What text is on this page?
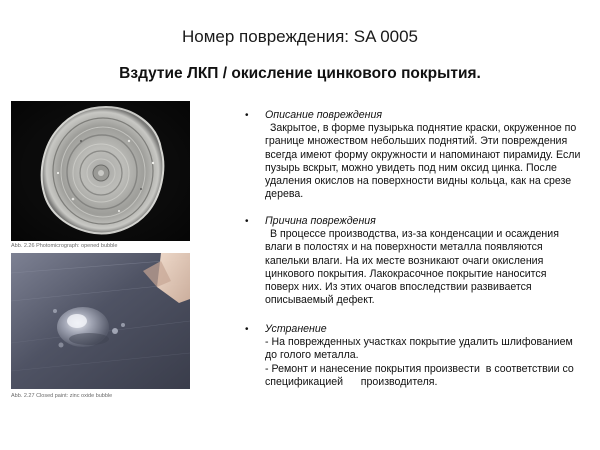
Номер повреждения: SA 0005
Вздутие ЛКП / окисление цинкового покрытия.
Abb. 2.26 Photomicrograph: opened bubble
Abb. 2.27 Closed paint: zinc oxide bubble
• Описание повреждения
Закрытое, в форме пузырька поднятие краски, окруженное по границе множеством небольших поднятий. Эти повреждения всегда имеют форму окружности и напоминают пирамиду. Если пузырь вскрыт, можно увидеть под ним оксид цинка. После удаления окислов на поверхности видны кольца, как на срезе дерева.
• Причина повреждения
В процессе производства, из-за конденсации и осаждения влаги в полостях и на поверхности металла появляются капельки влаги. На их месте возникают очаги окисления цинкового покрытия. Лакокрасочное покрытие наносится поверх них. Из этих очагов впоследствии развивается описываемый дефект.
• Устранение
- На поврежденных участках покрытие удалить шлифованием до голого металла.
- Ремонт и нанесение покрытия произвести  в соответствии со спецификацией      производителя.
